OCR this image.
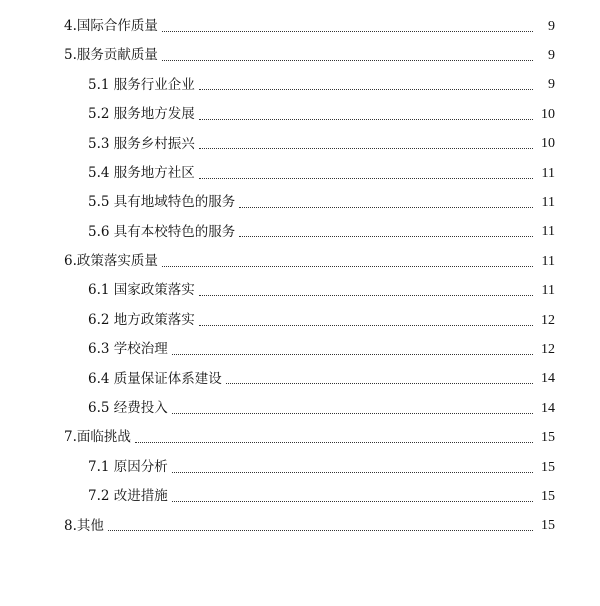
4.国际合作质量	9
5.服务贡献质量	9
5.1 服务行业企业	9
5.2 服务地方发展	10
5.3 服务乡村振兴	10
5.4 服务地方社区	11
5.5 具有地域特色的服务	11
5.6 具有本校特色的服务	11
6.政策落实质量	11
6.1 国家政策落实	11
6.2 地方政策落实	12
6.3 学校治理	12
6.4 质量保证体系建设	14
6.5 经费投入	14
7.面临挑战	15
7.1 原因分析	15
7.2 改进措施	15
8.其他	15
